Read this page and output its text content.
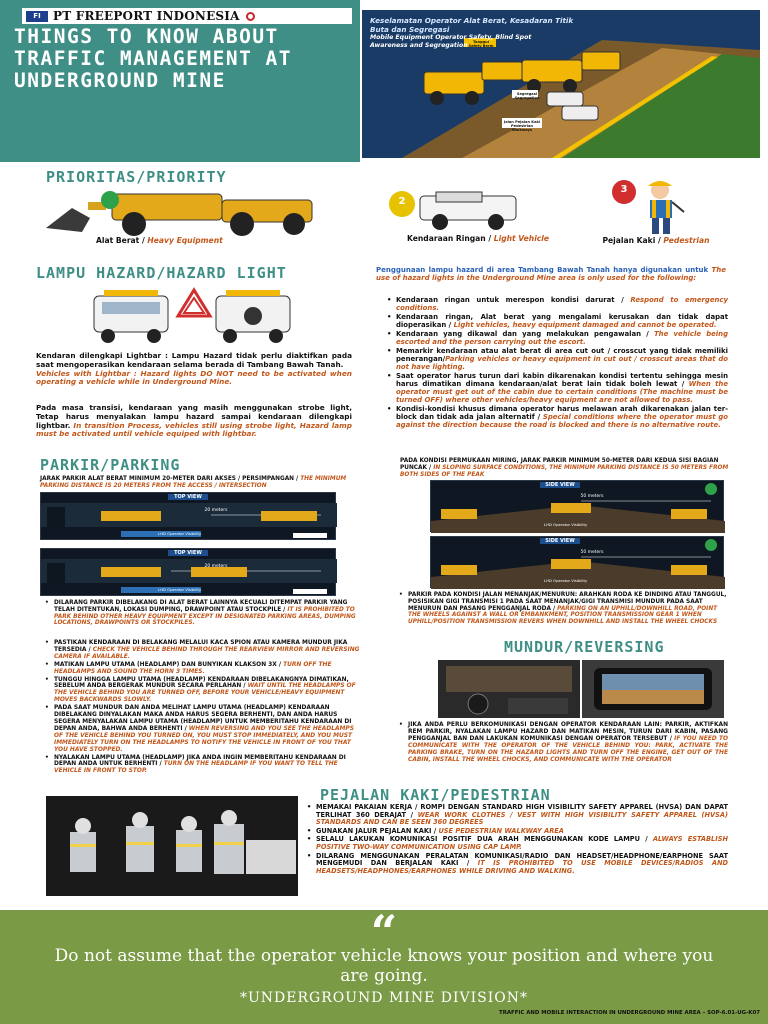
FI	PT FREEPORT INDONESIA
THINGS TO KNOW ABOUT TRAFFIC MANAGEMENT AT UNDERGROUND MINE
Keselamatan Operator Alat Berat, Kesadaran Titik Buta dan Segregasi
Mobile Equipment Operator Safety, Blind Spot Awareness and Segregation	Tanggul Safety Berm
Segregasi Segregation
Jalan Pejalan Kaki Pedestrian Walkways
PRIORITAS/PRIORITY
1
Alat Berat / Heavy Equipment
2
Kendaraan Ringan / Light Vehicle
3
Pejalan Kaki / Pedestrian
LAMPU HAZARD/HAZARD LIGHT
Kendaran dilengkapi Lightbar : Lampu Hazard tidak perlu diaktifkan pada saat mengoperasikan kendaraan selama berada di Tambang Bawah Tanah.
Vehicles with Lightbar : Hazard lights DO NOT need to be activated when operating a vehicle while in Underground Mine.
Pada masa transisi, kendaraan yang masih menggunakan strobe light, Tetap harus menyalakan lampu hazard sampai kendaraan dilengkapi lightbar. In transition Process, vehicles still using strobe light, Hazard lamp must be activated until vehicle equiped with lightbar.
Penggunaan lampu hazard di area Tambang Bawah Tanah hanya digunakan untuk The use of hazard lights in the Underground Mine area is only used for the following:
• Kendaraan ringan untuk merespon kondisi darurat / Respond to emergency conditions.
• Kendaraan ringan, Alat berat yang mengalami kerusakan dan tidak dapat dioperasikan / Light vehicles, heavy equipment damaged and cannot be operated.
• Kendaraan yang dikawal dan yang melakukan pengawalan / The vehicle being escorted and the person carrying out the escort.
• Memarkir kendaraan atau alat berat di area cut out / crosscut yang tidak memiliki penerangan/Parking vehicles or heavy equipment in cut out / crosscut areas that do not have lighting.
• Saat operator harus turun dari kabin dikarenakan kondisi tertentu sehingga mesin harus dimatikan dimana kendaraan/alat berat lain tidak boleh lewat / When the operator must get out of the cabin due to certain conditions (The machine must be turned OFF) where other vehicles/heavy equipment are not allowed to pass.
• Kondisi-kondisi khusus dimana operator harus melawan arah dikarenakan jalan ter-block dan tidak ada jalan alternatif / Special conditions where the operator must go against the direction because the road is blocked and there is no alternative route.
PARKIR/PARKING
JARAK PARKIR ALAT BERAT MINIMUM 20-METER DARI AKSES / PERSIMPANGAN / THE MINIMUM PARKING DISTANCE IS 20 METERS FROM THE ACCESS / INTERSECTION
PADA KONDISI PERMUKAAN MIRING, JARAK PARKIR MINIMUM 50-METER DARI KEDUA SISI BAGIAN PUNCAK / IN SLOPING SURFACE CONDITIONS, THE MINIMUM PARKING DISTANCE IS 50 METERS FROM BOTH SIDES OF THE PEAK
TOP VIEW
20 meters
LHD Operator Visibility
TOP VIEW
20 meters
LHD Operator Visibility
SIDE VIEW
50 meters
LHD Operator Visibility
SIDE VIEW
50 meters
LHD Operator Visibility
• DILARANG PARKIR DIBELAKANG DI ALAT BERAT LAINNYA KECUALI DITEMPAT PARKIR YANG TELAH DITENTUKAN, LOKASI DUMPING, DRAWPOINT ATAU STOCKPILE / IT IS PROHIBITED TO PARK BEHIND OTHER HEAVY EQUIPMENT EXCEPT IN DESIGNATED PARKING AREAS, DUMPING LOCATIONS, DRAWPOINTS OR STOCKPILES.
• PARKIR PADA KONDISI JALAN MENANJAK/MENURUN: ARAHKAN RODA KE DINDING ATAU TANGGUL, POSISIKAN GIGI TRANSMISI 1 PADA SAAT MENANJAK/GIGI TRANSMISI MUNDUR PADA SAAT MENURUN DAN PASANG PENGGANJAL RODA / PARKING ON AN UPHILL/DOWNHILL ROAD, POINT THE WHEELS AGAINST A WALL OR EMBANKMENT, POSITION TRANSMISSION GEAR 1 WHEN UPHILL/POSITION TRANSMISSION REVERS WHEN DOWNHILL AND INSTALL THE WHEEL CHOCKS
• PASTIKAN KENDARAAN DI BELAKANG MELALUI KACA SPION ATAU KAMERA MUNDUR JIKA TERSEDIA / CHECK THE VEHICLE BEHIND THROUGH THE REARVIEW MIRROR AND REVERSING CAMERA IF AVAILABLE.
• MATIKAN LAMPU UTAMA (HEADLAMP) DAN BUNYIKAN KLAKSON 3X / TURN OFF THE HEADLAMPS AND SOUND THE HORN 3 TIMES.
• TUNGGU HINGGA LAMPU UTAMA (HEADLAMP) KENDARAAN DIBELAKANGNYA DIMATIKAN, SEBELUM ANDA BERGERAK MUNDUR SECARA PERLAHAN / WAIT UNTIL THE HEADLAMPS OF THE VEHICLE BEHIND YOU ARE TURNED OFF, BEFORE YOUR VEHICLE/HEAVY EQUIPMENT MOVES BACKWARDS SLOWLY.
• PADA SAAT MUNDUR DAN ANDA MELIHAT LAMPU UTAMA (HEADLAMP) KENDARAAN DIBELAKANG DINYALAKAN MAKA ANDA HARUS SEGERA BERHENTI, DAN ANDA HARUS SEGERA MENYALAKAN LAMPU UTAMA (HEADLAMP) UNTUK MEMBERITAHU KENDARAAN DI DEPAN ANDA, BAHWA ANDA BERHENTI / WHEN REVERSING AND YOU SEE THE HEADLAMPS OF THE VEHICLE BEHIND YOU TURNED ON, YOU MUST STOP IMMEDIATELY, AND YOU MUST IMMEDIATELY TURN ON THE HEADLAMPS TO NOTIFY THE VEHICLE IN FRONT OF YOU THAT YOU HAVE STOPPED.
• NYALAKAN LAMPU UTAMA (HEADLAMP) JIKA ANDA INGIN MEMBERITAHU KENDARAAN DI DEPAN ANDA UNTUK BERHENTI / TURN ON THE HEADLAMP IF YOU WANT TO TELL THE VEHICLE IN FRONT TO STOP.
MUNDUR/REVERSING
• JIKA ANDA PERLU BERKOMUNIKASI DENGAN OPERATOR KENDARAAN LAIN: PARKIR, AKTIFKAN REM PARKIR, NYALAKAN LAMPU HAZARD DAN MATIKAN MESIN, TURUN DARI KABIN, PASANG PENGGANJAL BAN DAN LAKUKAN KOMUNIKASI DENGAN OPERATOR TERSEBUT / IF YOU NEED TO COMMUNICATE WITH THE OPERATOR OF THE VEHICLE BEHIND YOU: PARK, ACTIVATE THE PARKING BRAKE, TURN ON THE HAZARD LIGHTS AND TURN OFF THE ENGINE, GET OUT OF THE CABIN, INSTALL THE WHEEL CHOCKS, AND COMMUNICATE WITH THE OPERATOR
PEJALAN KAKI/PEDESTRIAN
• MEMAKAI PAKAIAN KERJA / ROMPI DENGAN STANDARD HIGH VISIBILITY SAFETY APPAREL (HVSA) DAN DAPAT TERLIHAT 360 DERAJAT / WEAR WORK CLOTHES / VEST WITH HIGH VISIBILITY SAFETY APPAREL (HVSA) STANDARDS AND CAN BE SEEN 360 DEGREES
• GUNAKAN JALUR PEJALAN KAKI / USE PEDESTRIAN WALKWAY AREA
• SELALU LAKUKAN KOMUNIKASI POSITIF DUA ARAH MENGGUNAKAN KODE LAMPU / ALWAYS ESTABLISH POSITIVE TWO-WAY COMMUNICATION USING CAP LAMP.
• DILARANG MENGGUNAKAN PERALATAN KOMUNIKASI/RADIO DAN HEADSET/HEADPHONE/EARPHONE SAAT MENGEMUDI DAN BERJALAN KAKI / IT IS PROHIBITED TO USE MOBILE DEVICES/RADIOS AND HEADSETS/HEADPHONES/EARPHONES WHILE DRIVING AND WALKING.
“
Do not assume that the operator vehicle knows your position and where you are going.
*UNDERGROUND MINE DIVISION*
TRAFFIC AND MOBILE INTERACTION IN UNDERGROUND MINE AREA – SOP-6.01-UG-K07
